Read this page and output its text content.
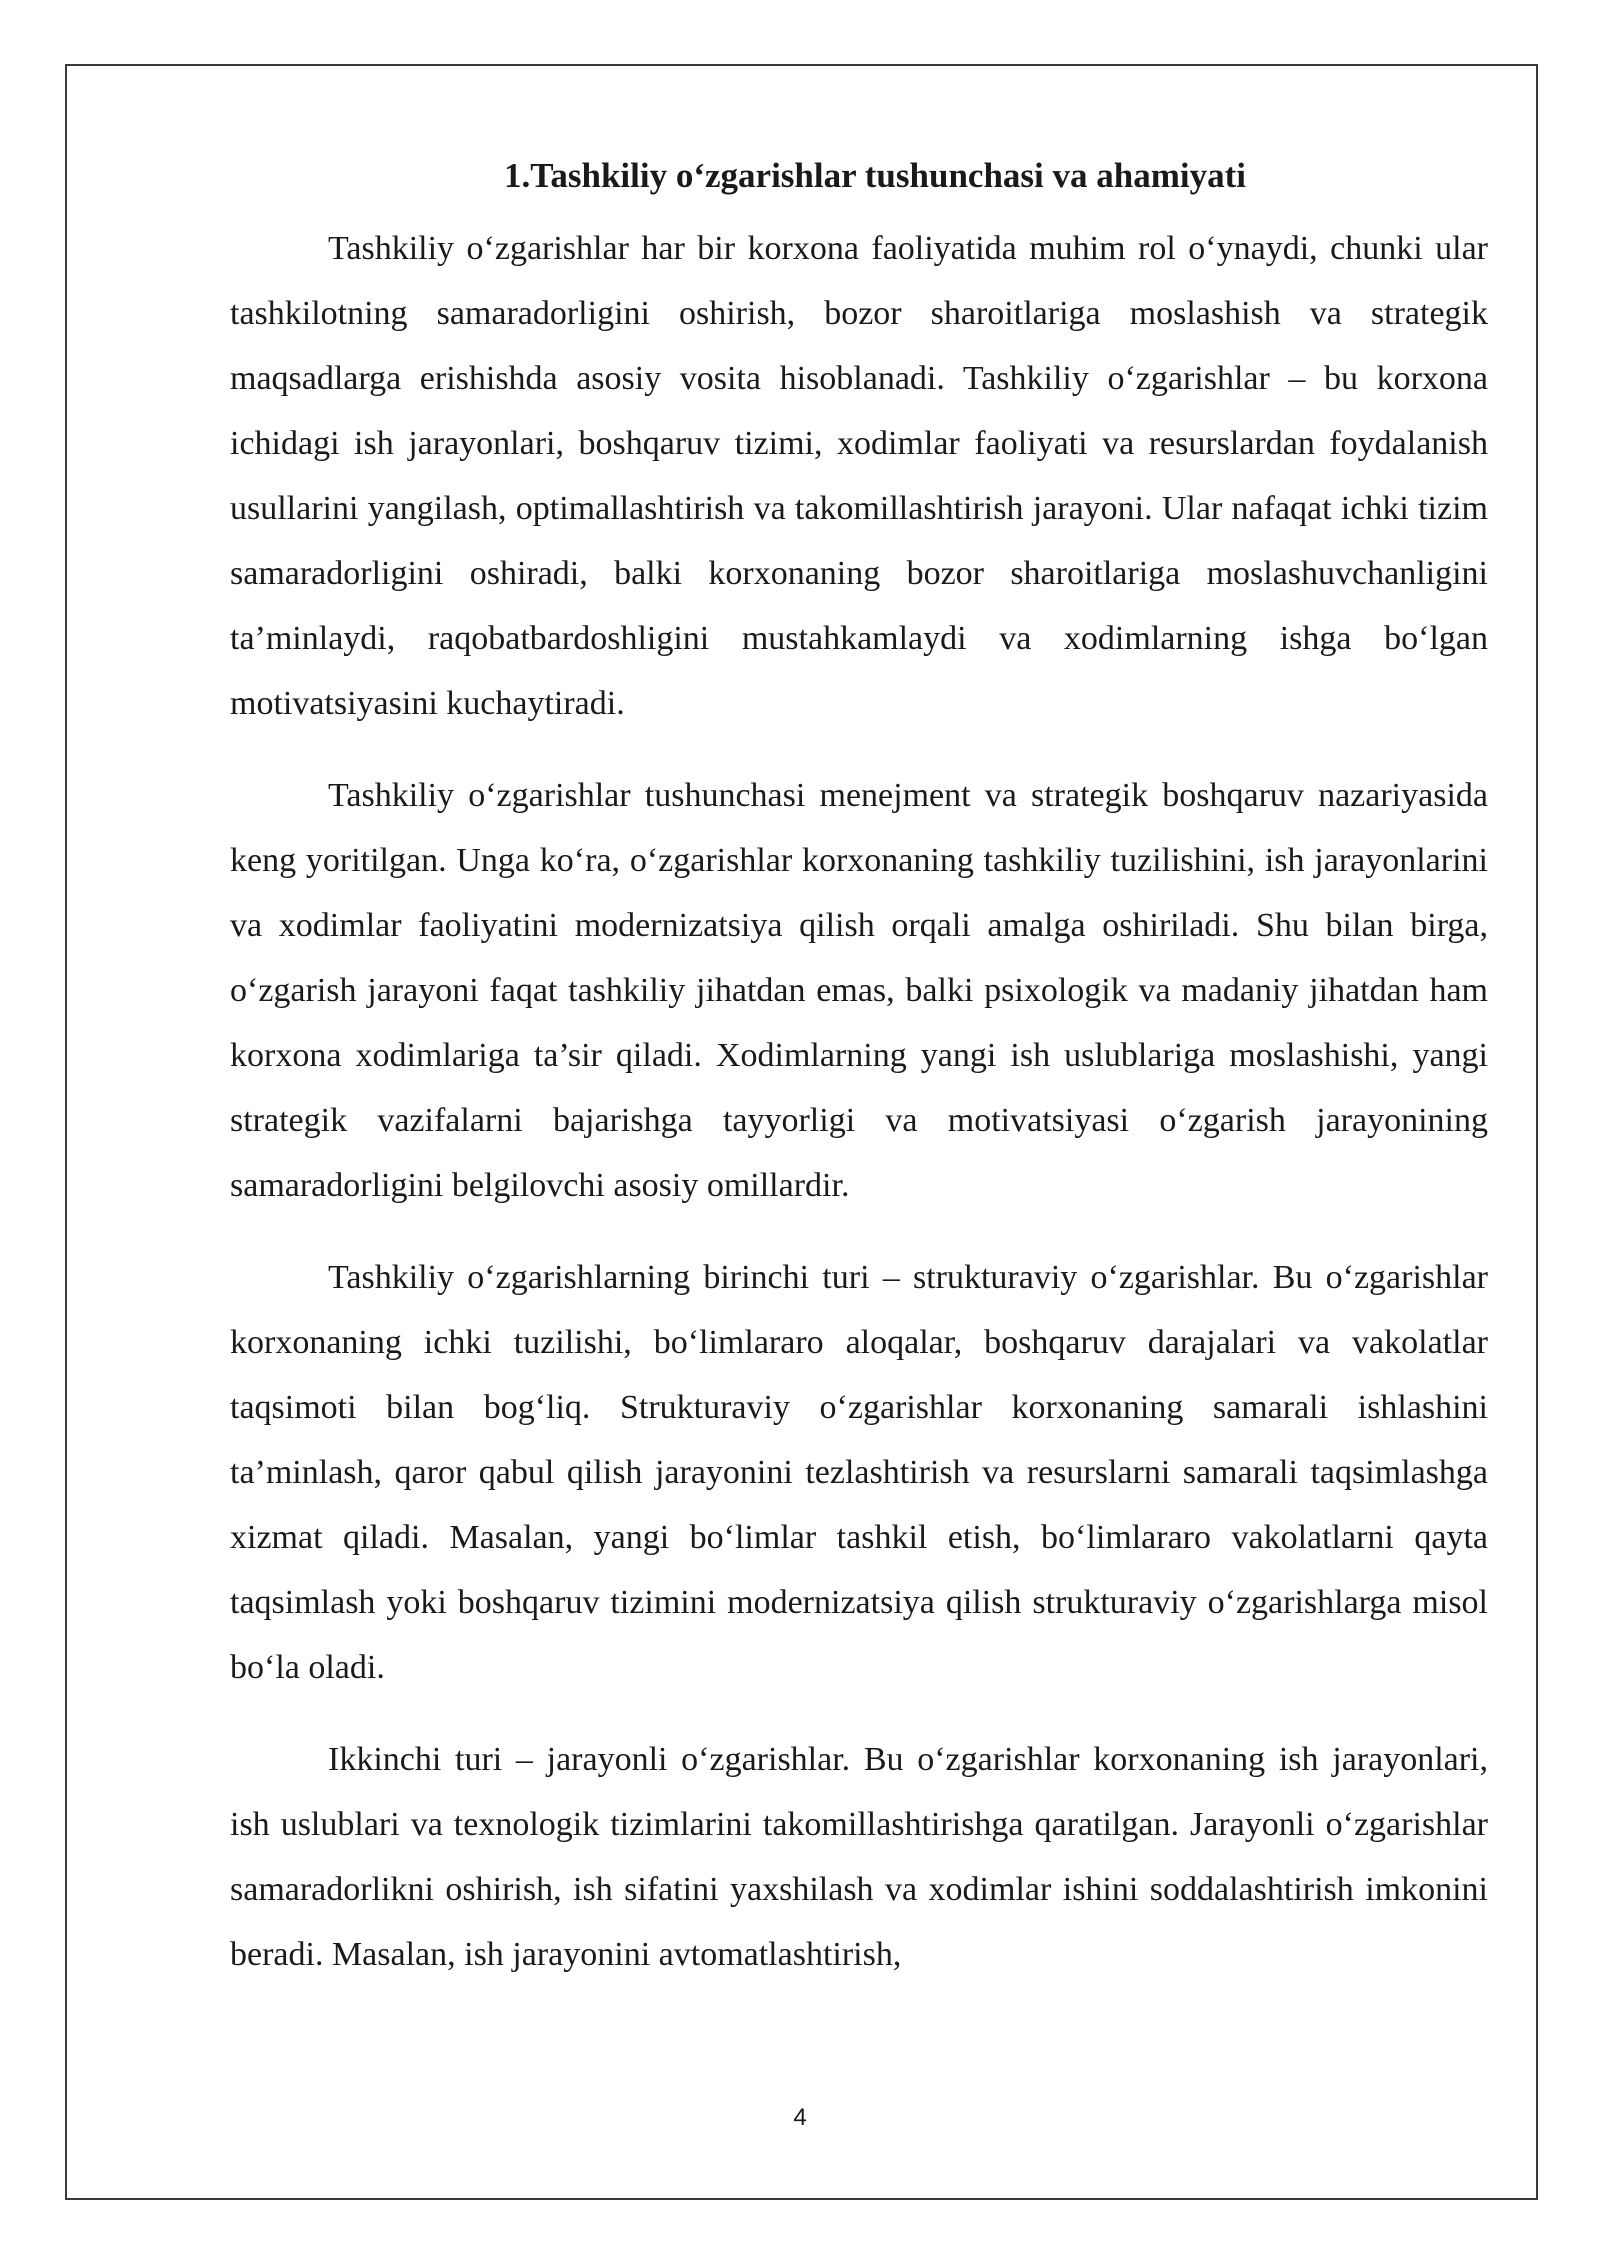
1.Tashkiliy o‘zgarishlar tushunchasi va ahamiyati

Tashkiliy o‘zgarishlar har bir korxona faoliyatida muhim rol o‘ynaydi, chunki ular tashkilotning samaradorligini oshirish, bozor sharoitlariga moslashish va strategik maqsadlarga erishishda asosiy vosita hisoblanadi. Tashkiliy o‘zgarishlar – bu korxona ichidagi ish jarayonlari, boshqaruv tizimi, xodimlar faoliyati va resurslardan foydalanish usullarini yangilash, optimallashtirish va takomillashtirish jarayoni. Ular nafaqat ichki tizim samaradorligini oshiradi, balki korxonaning bozor sharoitlariga moslashuvchanligini ta’minlaydi, raqobatbardoshligini mustahkamlaydi va xodimlarning ishga bo‘lgan motivatsiyasini kuchaytiradi.

Tashkiliy o‘zgarishlar tushunchasi menejment va strategik boshqaruv nazariyasida keng yoritilgan. Unga ko‘ra, o‘zgarishlar korxonaning tashkiliy tuzilishini, ish jarayonlarini va xodimlar faoliyatini modernizatsiya qilish orqali amalga oshiriladi. Shu bilan birga, o‘zgarish jarayoni faqat tashkiliy jihatdan emas, balki psixologik va madaniy jihatdan ham korxona xodimlariga ta’sir qiladi. Xodimlarning yangi ish uslublariga moslashishi, yangi strategik vazifalarni bajarishga tayyorligi va motivatsiyasi o‘zgarish jarayonining samaradorligini belgilovchi asosiy omillardir.

Tashkiliy o‘zgarishlarning birinchi turi – strukturaviy o‘zgarishlar. Bu o‘zgarishlar korxonaning ichki tuzilishi, bo‘limlararo aloqalar, boshqaruv darajalari va vakolatlar taqsimoti bilan bog‘liq. Strukturaviy o‘zgarishlar korxonaning samarali ishlashini ta’minlash, qaror qabul qilish jarayonini tezlashtirish va resurslarni samarali taqsimlashga xizmat qiladi. Masalan, yangi bo‘limlar tashkil etish, bo‘limlararo vakolatlarni qayta taqsimlash yoki boshqaruv tizimini modernizatsiya qilish strukturaviy o‘zgarishlarga misol bo‘la oladi.

Ikkinchi turi – jarayonli o‘zgarishlar. Bu o‘zgarishlar korxonaning ish jarayonlari, ish uslublari va texnologik tizimlarini takomillashtirishga qaratilgan. Jarayonli o‘zgarishlar samaradorlikni oshirish, ish sifatini yaxshilash va xodimlar ishini soddalashtirish imkonini beradi. Masalan, ish jarayonini avtomatlashtirish,

4
